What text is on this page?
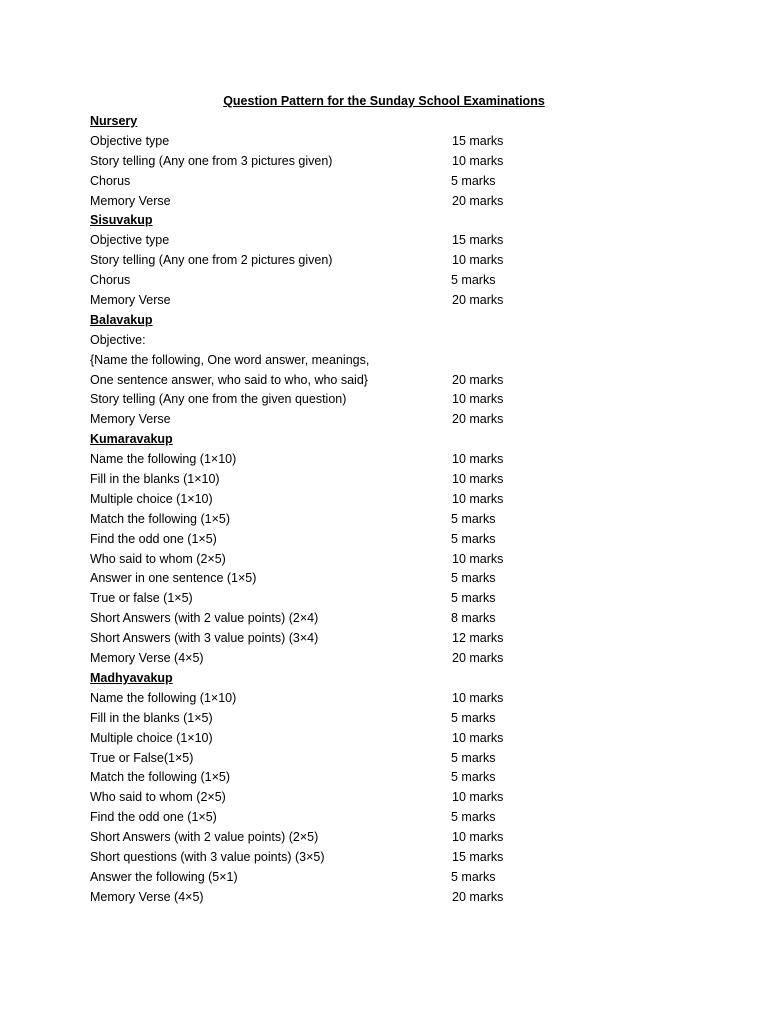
Question Pattern for the Sunday School Examinations
Nursery
Objective type	15 marks
Story telling (Any one from 3 pictures given)	10 marks
Chorus	5 marks
Memory Verse	20 marks
Sisuvakup
Objective type	15 marks
Story telling (Any one from 2 pictures given)	10 marks
Chorus	5 marks
Memory Verse	20 marks
Balavakup
Objective:
{Name the following, One word answer, meanings,
One sentence answer, who said to who, who said}	20 marks
Story telling (Any one from the given question)	10 marks
Memory Verse	20 marks
Kumaravakup
Name the following (1×10)	10 marks
Fill in the blanks (1×10)	10 marks
Multiple choice (1×10)	10 marks
Match the following (1×5)	5 marks
Find the odd one (1×5)	5 marks
Who said to whom (2×5)	10 marks
Answer in one sentence (1×5)	5 marks
True or false (1×5)	5 marks
Short Answers (with 2 value points) (2×4)	8 marks
Short Answers (with 3 value points) (3×4)	12 marks
Memory Verse (4×5)	20 marks
Madhyavakup
Name the following (1×10)	10 marks
Fill in the blanks (1×5)	5 marks
Multiple choice (1×10)	10 marks
True or False(1×5)	5 marks
Match the following (1×5)	5 marks
Who said to whom (2×5)	10 marks
Find the odd one (1×5)	5 marks
Short Answers (with 2 value points) (2×5)	10 marks
Short questions (with 3 value points) (3×5)	15 marks
Answer the following (5×1)	5 marks
Memory Verse (4×5)	20 marks
